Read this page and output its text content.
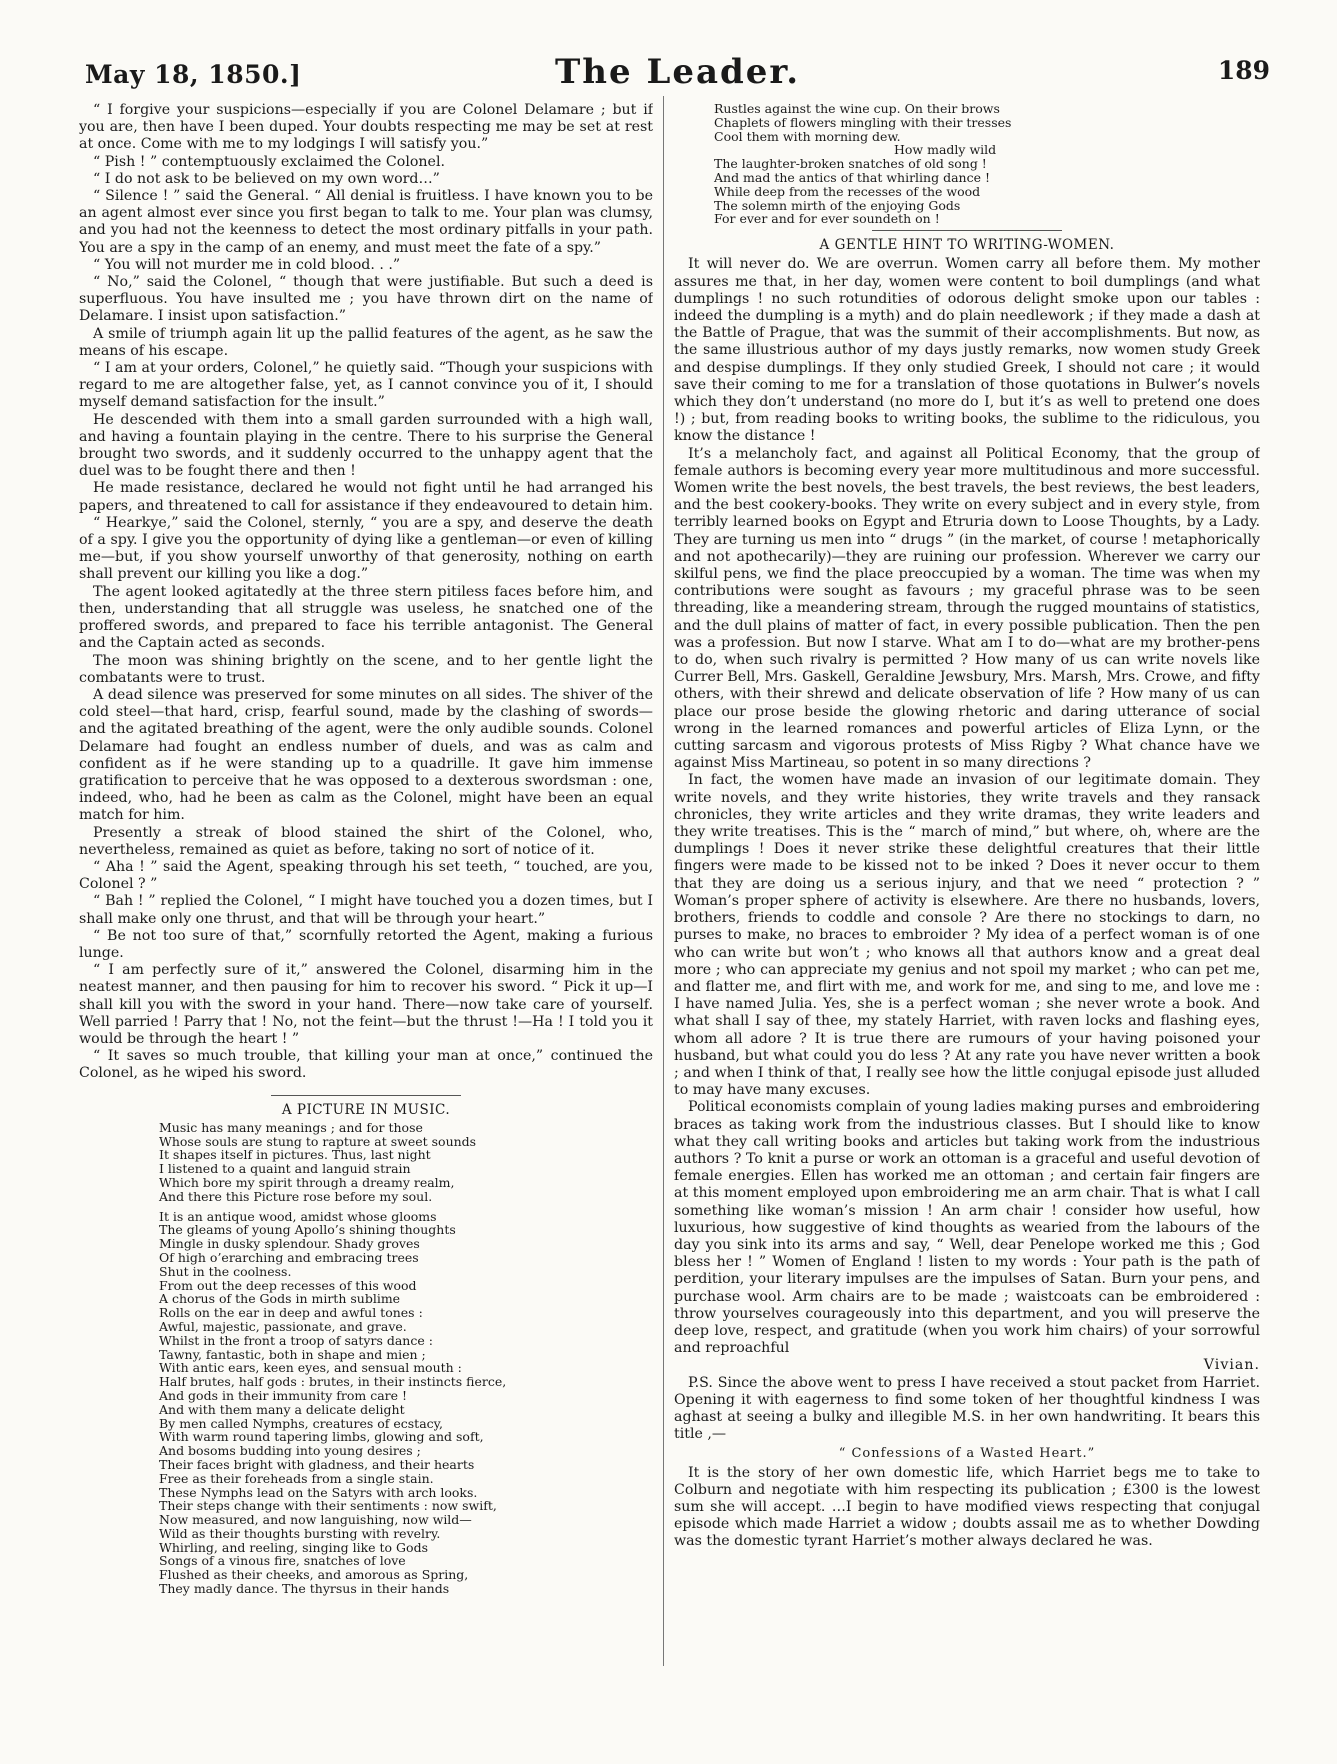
May 18, 1850.]	The Leader.	189

“ I forgive your suspicions—especially if you are Colonel Delamare ; but if you are, then have I been duped. Your doubts respecting me may be set at rest at once. Come with me to my lodgings I will satisfy you.”

“ Pish ! ” contemptuously exclaimed the Colonel.

“ I do not ask to be believed on my own word…”

“ Silence ! ” said the General. “ All denial is fruitless. I have known you to be an agent almost ever since you first began to talk to me. Your plan was clumsy, and you had not the keenness to detect the most ordinary pitfalls in your path. You are a spy in the camp of an enemy, and must meet the fate of a spy.”

“ You will not murder me in cold blood. . .”

“ No,” said the Colonel, “ though that were justifiable. But such a deed is superfluous. You have insulted me ; you have thrown dirt on the name of Delamare. I insist upon satisfaction.”

A smile of triumph again lit up the pallid features of the agent, as he saw the means of his escape.

“ I am at your orders, Colonel,” he quietly said. “Though your suspicions with regard to me are altogether false, yet, as I cannot convince you of it, I should myself demand satisfaction for the insult.”

He descended with them into a small garden surrounded with a high wall, and having a fountain playing in the centre. There to his surprise the General brought two swords, and it suddenly occurred to the unhappy agent that the duel was to be fought there and then !

He made resistance, declared he would not fight until he had arranged his papers, and threatened to call for assistance if they endeavoured to detain him.

“ Hearkye,” said the Colonel, sternly, “ you are a spy, and deserve the death of a spy. I give you the opportunity of dying like a gentleman—or even of killing me—but, if you show yourself unworthy of that generosity, nothing on earth shall prevent our killing you like a dog.”

The agent looked agitatedly at the three stern pitiless faces before him, and then, understanding that all struggle was useless, he snatched one of the proffered swords, and prepared to face his terrible antagonist. The General and the Captain acted as seconds.

The moon was shining brightly on the scene, and to her gentle light the combatants were to trust.

A dead silence was preserved for some minutes on all sides. The shiver of the cold steel—that hard, crisp, fearful sound, made by the clashing of swords—and the agitated breathing of the agent, were the only audible sounds. Colonel Delamare had fought an endless number of duels, and was as calm and confident as if he were standing up to a quadrille. It gave him immense gratification to perceive that he was opposed to a dexterous swordsman : one, indeed, who, had he been as calm as the Colonel, might have been an equal match for him.

Presently a streak of blood stained the shirt of the Colonel, who, nevertheless, remained as quiet as before, taking no sort of notice of it.

“ Aha ! ” said the Agent, speaking through his set teeth, “ touched, are you, Colonel ? ”

“ Bah ! ” replied the Colonel, “ I might have touched you a dozen times, but I shall make only one thrust, and that will be through your heart.”

“ Be not too sure of that,” scornfully retorted the Agent, making a furious lunge.

“ I am perfectly sure of it,” answered the Colonel, disarming him in the neatest manner, and then pausing for him to recover his sword. “ Pick it up—I shall kill you with the sword in your hand. There—now take care of yourself. Well parried ! Parry that ! No, not the feint—but the thrust !—Ha ! I told you it would be through the heart ! ”

“ It saves so much trouble, that killing your man at once,” continued the Colonel, as he wiped his sword.

A PICTURE IN MUSIC.
Music has many meanings ; and for those
Whose souls are stung to rapture at sweet sounds
It shapes itself in pictures. Thus, last night
I listened to a quaint and languid strain
Which bore my spirit through a dreamy realm,
And there this Picture rose before my soul.
It is an antique wood, amidst whose glooms
The gleams of young Apollo’s shining thoughts
Mingle in dusky splendour. Shady groves
Of high o’erarching and embracing trees
Shut in the coolness.
From out the deep recesses of this wood
A chorus of the Gods in mirth sublime
Rolls on the ear in deep and awful tones :
Awful, majestic, passionate, and grave.
Whilst in the front a troop of satyrs dance :
Tawny, fantastic, both in shape and mien ;
With antic ears, keen eyes, and sensual mouth :
Half brutes, half gods : brutes, in their instincts fierce,
And gods in their immunity from care !
And with them many a delicate delight
By men called Nymphs, creatures of ecstacy,
With warm round tapering limbs, glowing and soft,
And bosoms budding into young desires ;
Their faces bright with gladness, and their hearts
Free as their foreheads from a single stain.
These Nymphs lead on the Satyrs with arch looks.
Their steps change with their sentiments : now swift,
Now measured, and now languishing, now wild—
Wild as their thoughts bursting with revelry.
Whirling, and reeling, singing like to Gods
Songs of a vinous fire, snatches of love
Flushed as their cheeks, and amorous as Spring,
They madly dance. The thyrsus in their hands
Rustles against the wine cup. On their brows
Chaplets of flowers mingling with their tresses
Cool them with morning dew.
How madly wild
The laughter-broken snatches of old song !
And mad the antics of that whirling dance !
While deep from the recesses of the wood
The solemn mirth of the enjoying Gods
For ever and for ever soundeth on !
A GENTLE HINT TO WRITING-WOMEN.

It will never do. We are overrun. Women carry all before them. My mother assures me that, in her day, women were content to boil dumplings (and what dumplings ! no such rotundities of odorous delight smoke upon our tables : indeed the dumpling is a myth) and do plain needlework ; if they made a dash at the Battle of Prague, that was the summit of their accomplishments. But now, as the same illustrious author of my days justly remarks, now women study Greek and despise dumplings. If they only studied Greek, I should not care ; it would save their coming to me for a translation of those quotations in Bulwer’s novels which they don’t understand (no more do I, but it’s as well to pretend one does !) ; but, from reading books to writing books, the sublime to the ridiculous, you know the distance !

It’s a melancholy fact, and against all Political Economy, that the group of female authors is becoming every year more multitudinous and more successful. Women write the best novels, the best travels, the best reviews, the best leaders, and the best cookery-books. They write on every subject and in every style, from terribly learned books on Egypt and Etruria down to Loose Thoughts, by a Lady. They are turning us men into “ drugs ” (in the market, of course ! metaphorically and not apothecarily)—they are ruining our profession. Wherever we carry our skilful pens, we find the place preoccupied by a woman. The time was when my contributions were sought as favours ; my graceful phrase was to be seen threading, like a meandering stream, through the rugged mountains of statistics, and the dull plains of matter of fact, in every possible publication. Then the pen was a profession. But now I starve. What am I to do—what are my brother-pens to do, when such rivalry is permitted ? How many of us can write novels like Currer Bell, Mrs. Gaskell, Geraldine Jewsbury, Mrs. Marsh, Mrs. Crowe, and fifty others, with their shrewd and delicate observation of life ? How many of us can place our prose beside the glowing rhetoric and daring utterance of social wrong in the learned romances and powerful articles of Eliza Lynn, or the cutting sarcasm and vigorous protests of Miss Rigby ? What chance have we against Miss Martineau, so potent in so many directions ?

In fact, the women have made an invasion of our legitimate domain. They write novels, and they write histories, they write travels and they ransack chronicles, they write articles and they write dramas, they write leaders and they write treatises. This is the “ march of mind,” but where, oh, where are the dumplings ! Does it never strike these delightful creatures that their little fingers were made to be kissed not to be inked ? Does it never occur to them that they are doing us a serious injury, and that we need “ protection ? ” Woman’s proper sphere of activity is elsewhere. Are there no husbands, lovers, brothers, friends to coddle and console ? Are there no stockings to darn, no purses to make, no braces to embroider ? My idea of a perfect woman is of one who can write but won’t ; who knows all that authors know and a great deal more ; who can appreciate my genius and not spoil my market ; who can pet me, and flatter me, and flirt with me, and work for me, and sing to me, and love me : I have named Julia. Yes, she is a perfect woman ; she never wrote a book. And what shall I say of thee, my stately Harriet, with raven locks and flashing eyes, whom all adore ? It is true there are rumours of your having poisoned your husband, but what could you do less ? At any rate you have never written a book ; and when I think of that, I really see how the little conjugal episode just alluded to may have many excuses.

Political economists complain of young ladies making purses and embroidering braces as taking work from the industrious classes. But I should like to know what they call writing books and articles but taking work from the industrious authors ? To knit a purse or work an ottoman is a graceful and useful devotion of female energies. Ellen has worked me an ottoman ; and certain fair fingers are at this moment employed upon embroidering me an arm chair. That is what I call something like woman’s mission ! An arm chair ! consider how useful, how luxurious, how suggestive of kind thoughts as wearied from the labours of the day you sink into its arms and say, “ Well, dear Penelope worked me this ; God bless her ! ” Women of England ! listen to my words : Your path is the path of perdition, your literary impulses are the impulses of Satan. Burn your pens, and purchase wool. Arm chairs are to be made ; waistcoats can be embroidered : throw yourselves courageously into this department, and you will preserve the deep love, respect, and gratitude (when you work him chairs) of your sorrowful and reproachful

Vivian.

P.S. Since the above went to press I have received a stout packet from Harriet. Opening it with eagerness to find some token of her thoughtful kindness I was aghast at seeing a bulky and illegible M.S. in her own handwriting. It bears this title ,—

“ Confessions of a Wasted Heart.”

It is the story of her own domestic life, which Harriet begs me to take to Colburn and negotiate with him respecting its publication ; £300 is the lowest sum she will accept. …I begin to have modified views respecting that conjugal episode which made Harriet a widow ; doubts assail me as to whether Dowding was the domestic tyrant Harriet’s mother always declared he was.
